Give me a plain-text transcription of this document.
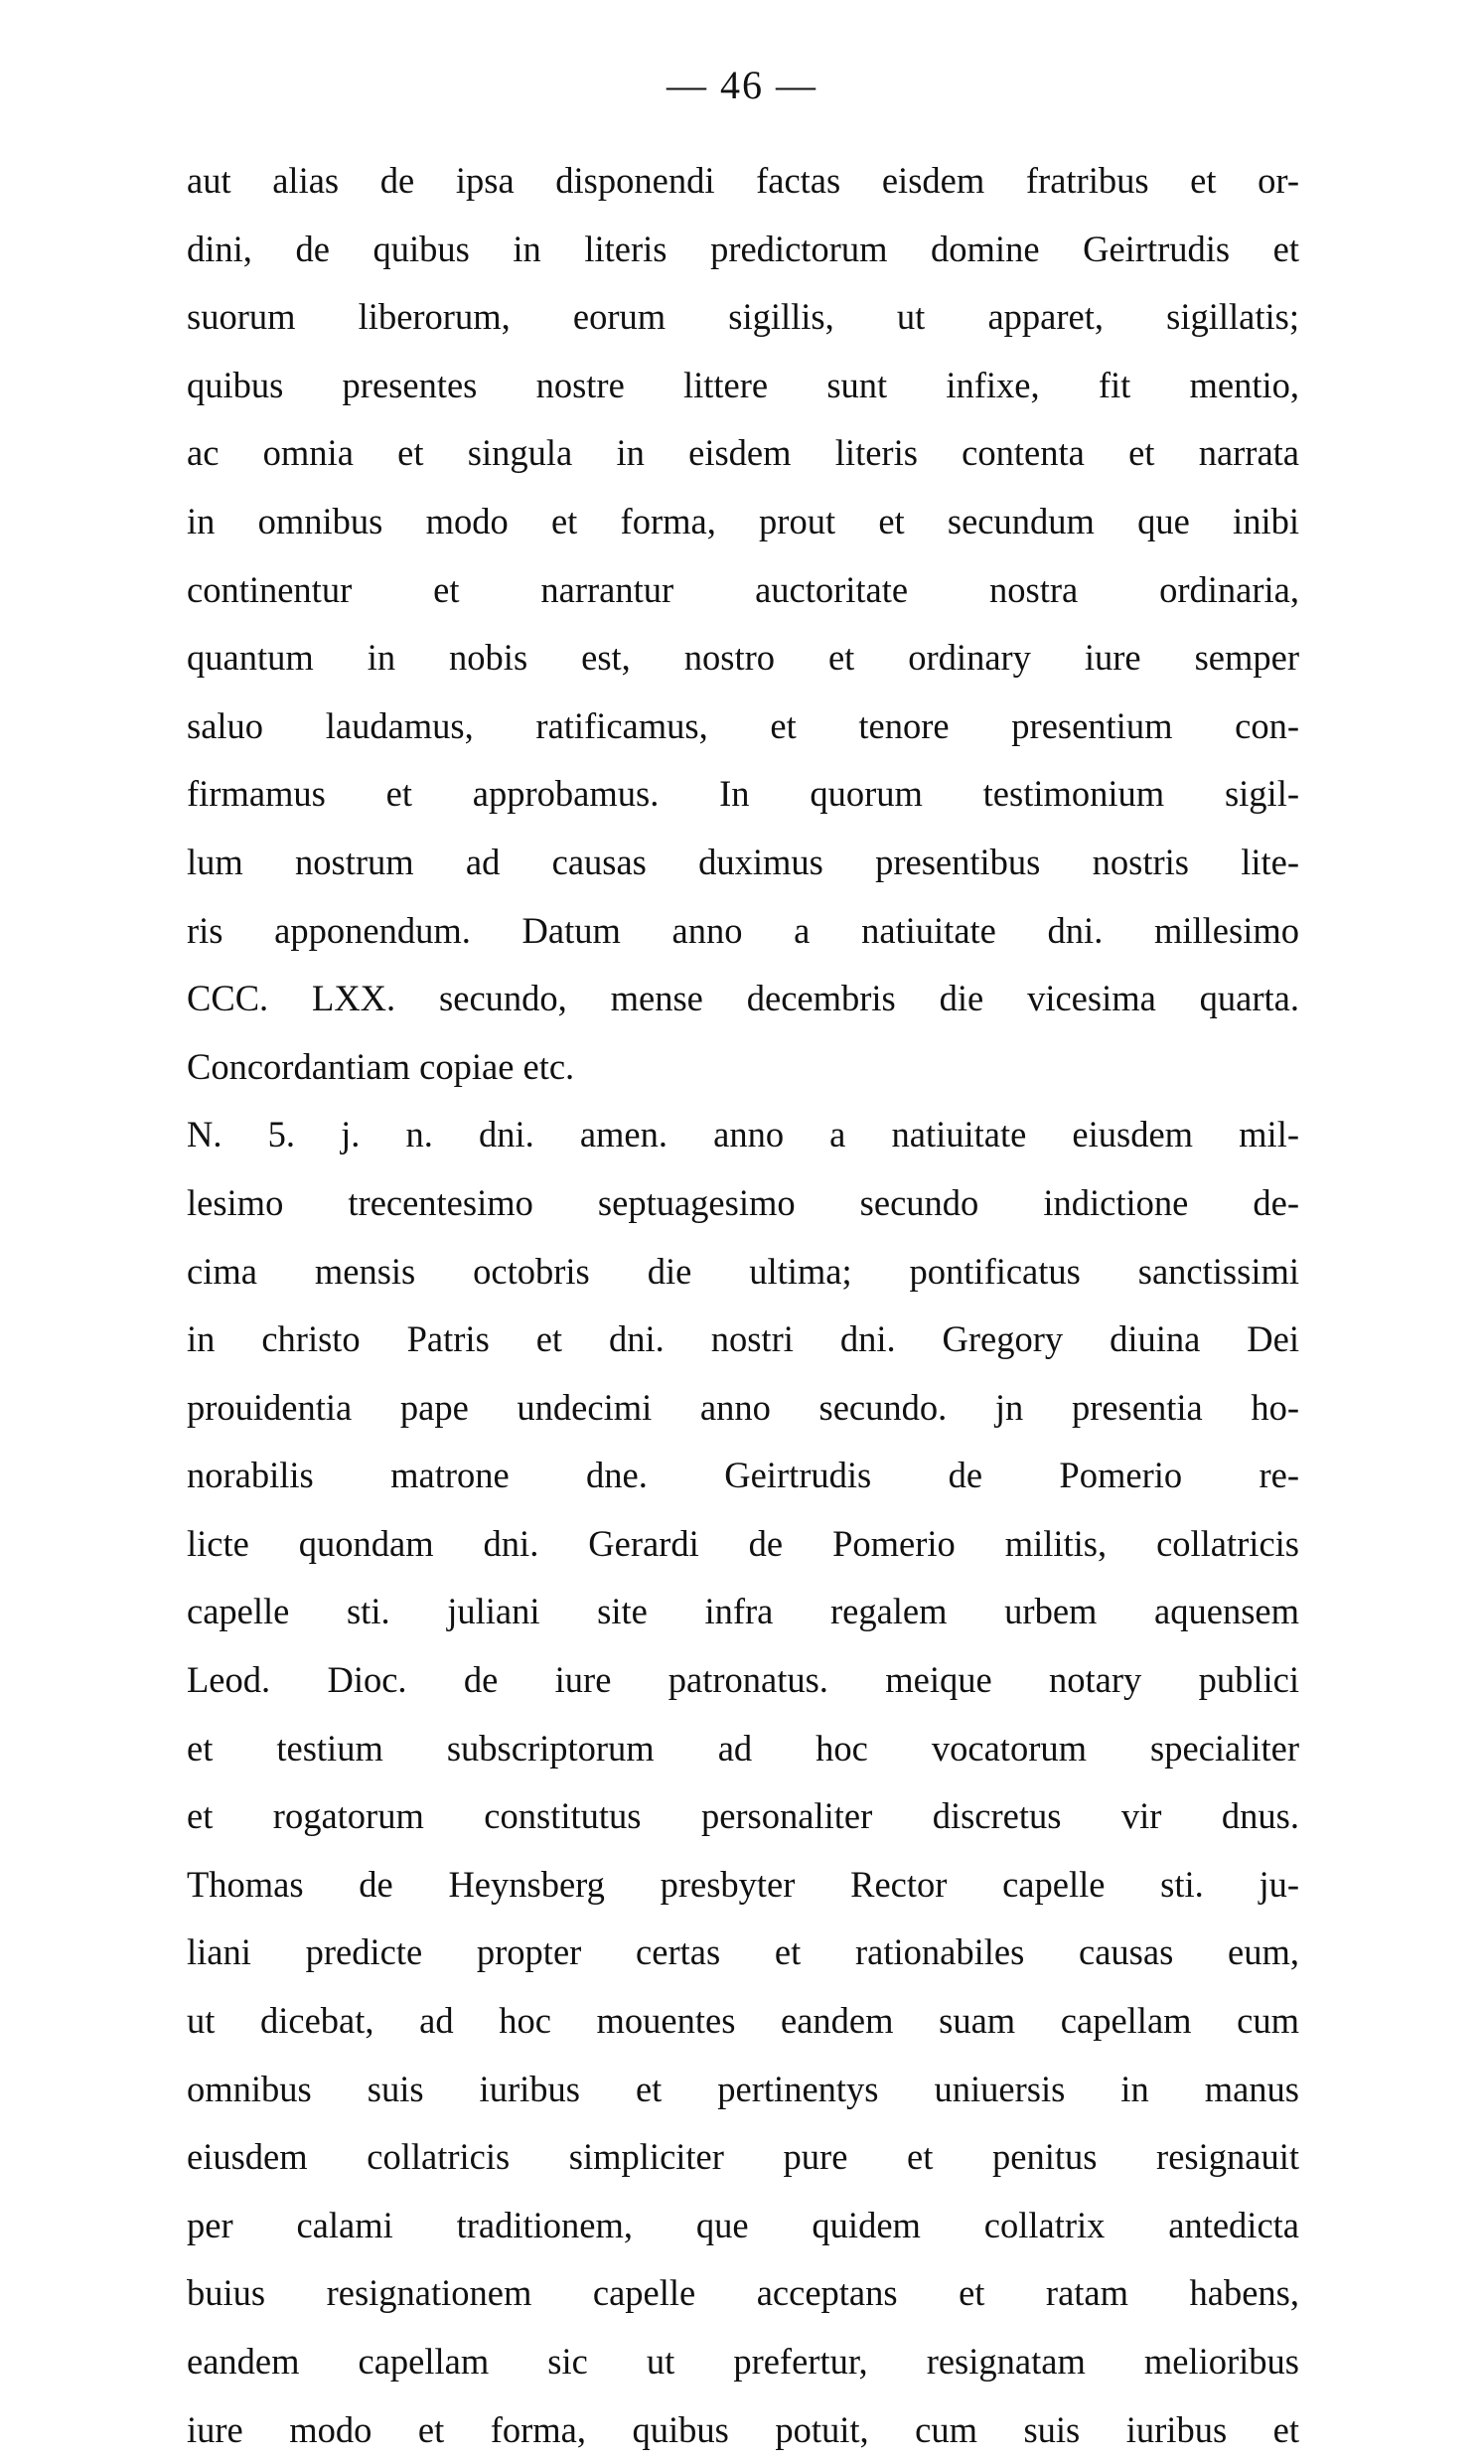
— 46 —
aut alias de ipsa disponendi factas eisdem fratribus et or-
dini, de quibus in literis predictorum domine Geirtrudis et
suorum liberorum, eorum sigillis, ut apparet, sigillatis;
quibus presentes nostre littere sunt infixe, fit mentio,
ac omnia et singula in eisdem literis contenta et narrata
in omnibus modo et forma, prout et secundum que inibi
continentur et narrantur auctoritate nostra ordinaria,
quantum in nobis est, nostro et ordinary iure semper
saluo laudamus, ratificamus, et tenore presentium con-
firmamus et approbamus. In quorum testimonium sigil-
lum nostrum ad causas duximus presentibus nostris lite-
ris apponendum. Datum anno a natiuitate dni. millesimo
CCC. LXX. secundo, mense decembris die vicesima quarta.
Concordantiam copiae etc.
N. 5. j. n. dni. amen. anno a natiuitate eiusdem mil-
lesimo trecentesimo septuagesimo secundo indictione de-
cima mensis octobris die ultima; pontificatus sanctissimi
in christo Patris et dni. nostri dni. Gregory diuina Dei
prouidentia pape undecimi anno secundo. jn presentia ho-
norabilis matrone dne. Geirtrudis de Pomerio re-
licte quondam dni. Gerardi de Pomerio militis, collatricis
capelle sti. juliani site infra regalem urbem aquensem
Leod. Dioc. de iure patronatus. meique notary publici
et testium subscriptorum ad hoc vocatorum specialiter
et rogatorum constitutus personaliter discretus vir dnus.
Thomas de Heynsberg presbyter Rector capelle sti. ju-
liani predicte propter certas et rationabiles causas eum,
ut dicebat, ad hoc mouentes eandem suam capellam cum
omnibus suis iuribus et pertinentys uniuersis in manus
eiusdem collatricis simpliciter pure et penitus resignauit
per calami traditionem, que quidem collatrix antedicta
buius resignationem capelle acceptans et ratam habens,
eandem capellam sic ut prefertur, resignatam melioribus
iure modo et forma, quibus potuit, cum suis iuribus et
